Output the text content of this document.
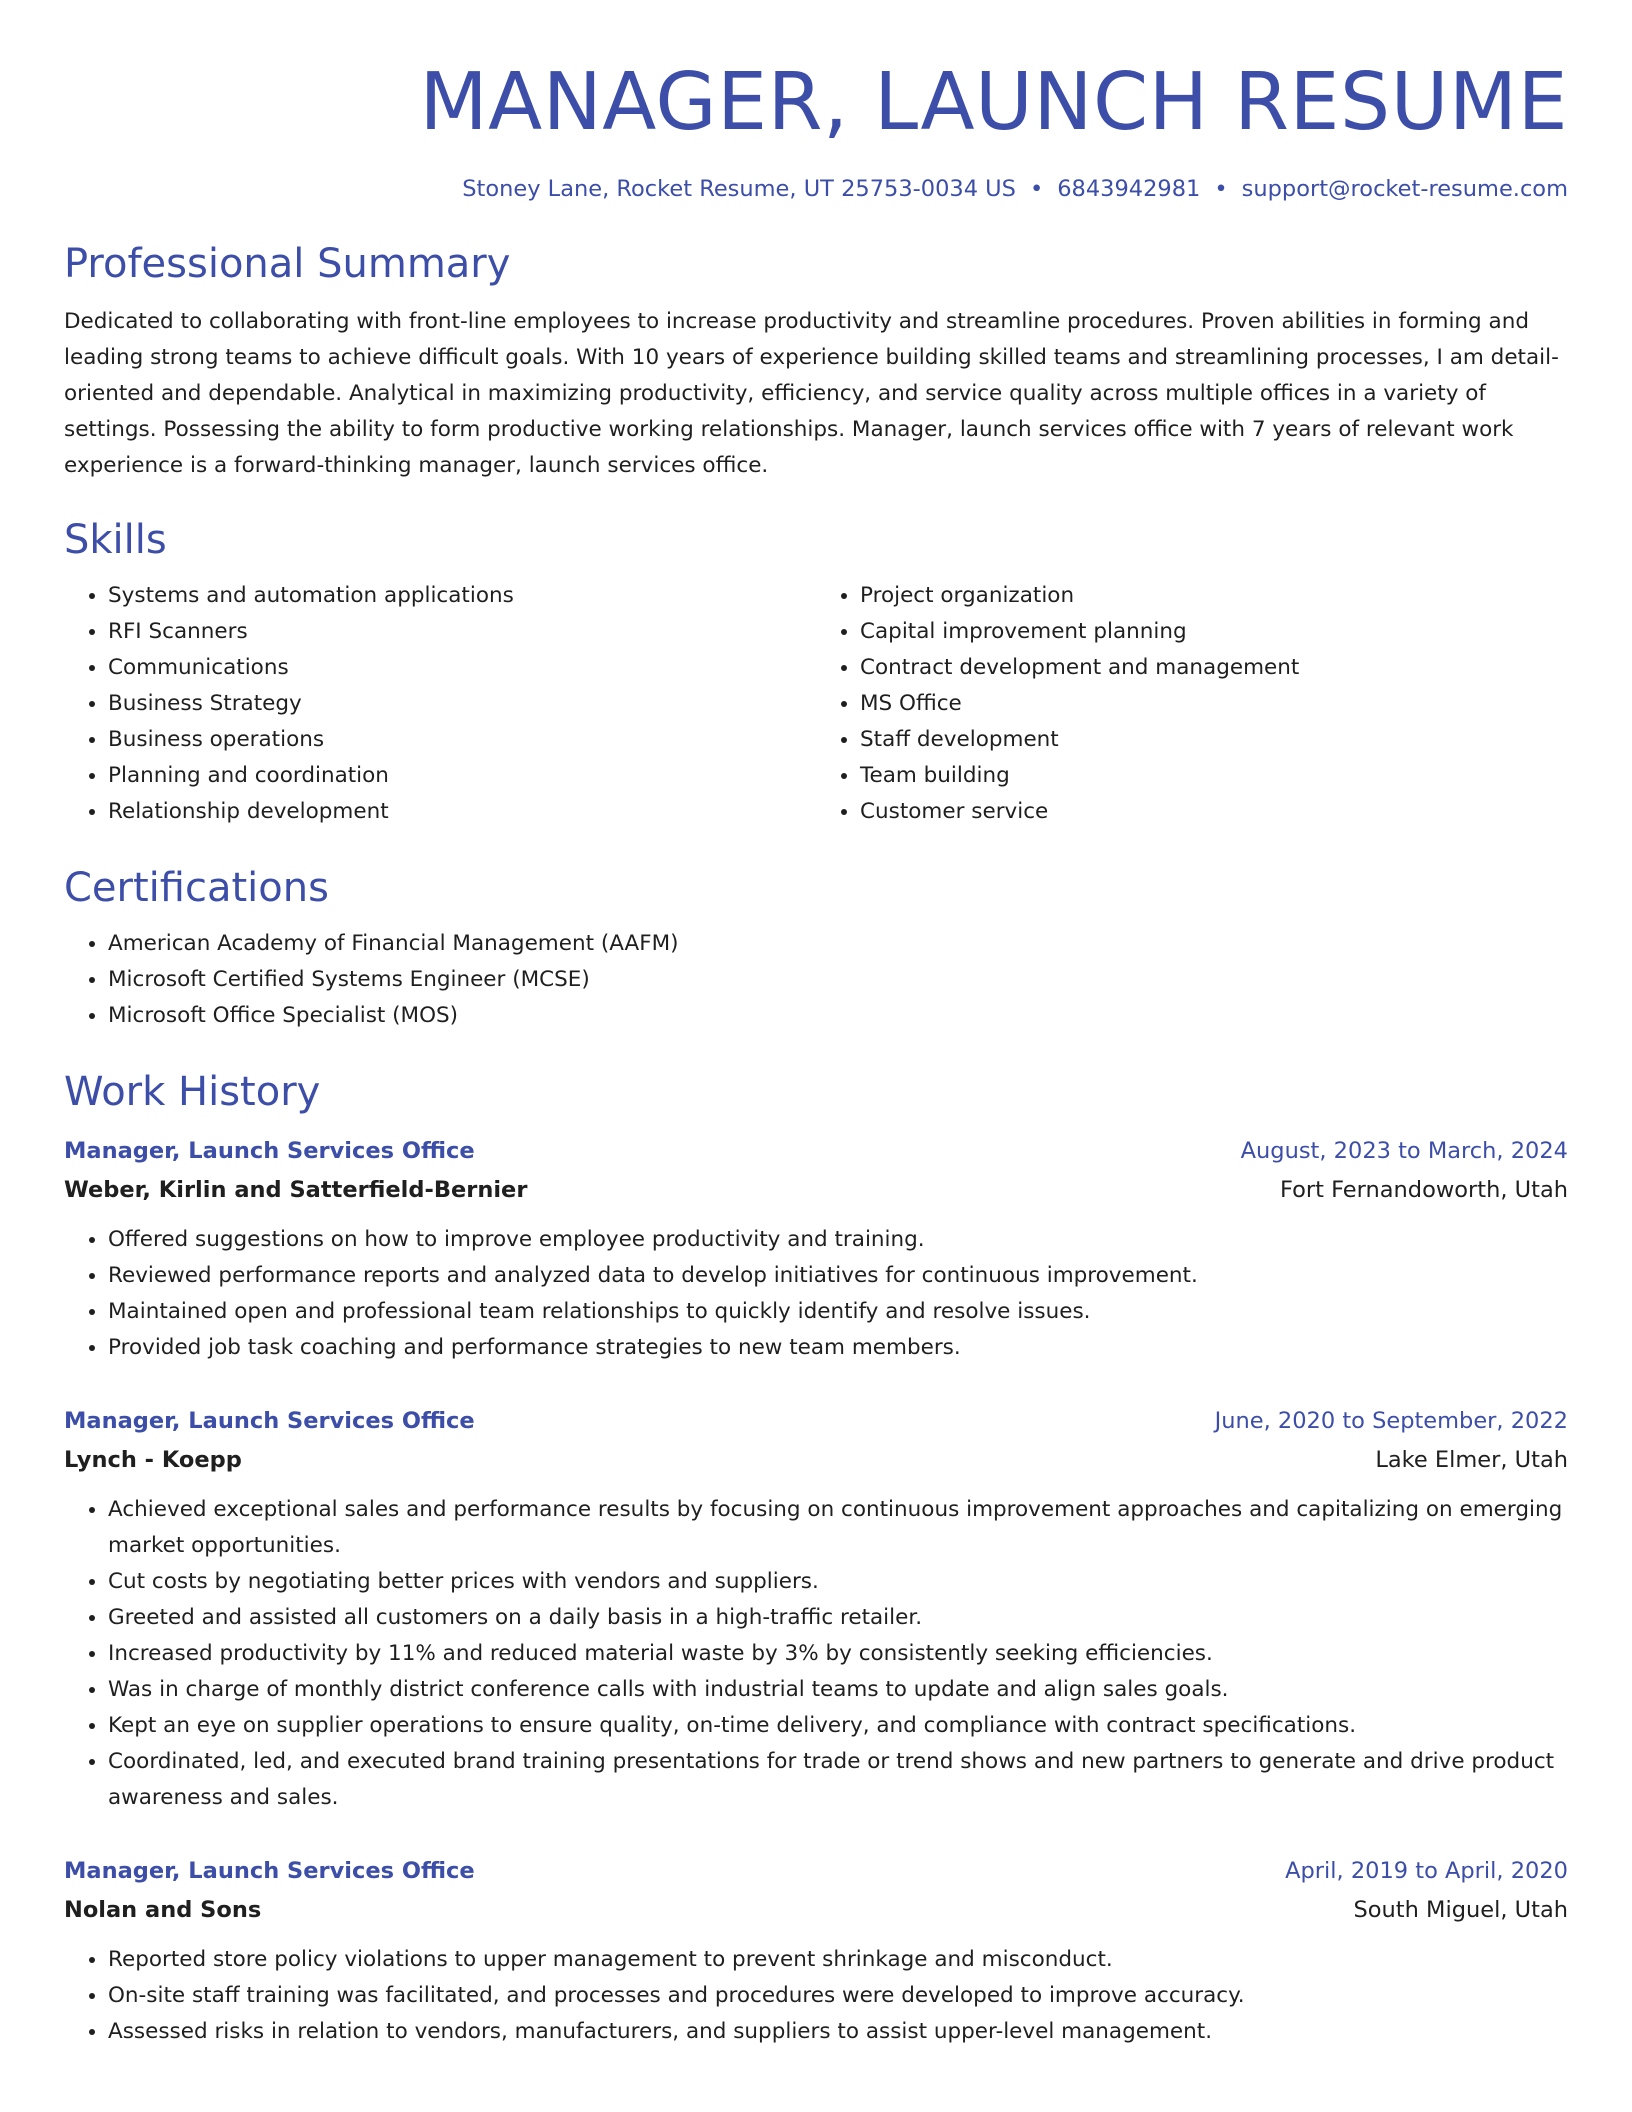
MANAGER, LAUNCH RESUME
Stoney Lane, Rocket Resume, UT 25753-0034 US • 6843942981 • support@rocket-resume.com
Professional Summary

Dedicated to collaborating with front-line employees to increase productivity and streamline procedures. Proven abilities in forming and leading strong teams to achieve difficult goals. With 10 years of experience building skilled teams and streamlining processes, I am detail-oriented and dependable. Analytical in maximizing productivity, efficiency, and service quality across multiple offices in a variety of settings. Possessing the ability to form productive working relationships. Manager, launch services office with 7 years of relevant work experience is a forward-thinking manager, launch services office.

Skills
• Systems and automation applications
• RFI Scanners
• Communications
• Business Strategy
• Business operations
• Planning and coordination
• Relationship development
• Project organization
• Capital improvement planning
• Contract development and management
• MS Office
• Staff development
• Team building
• Customer service
Certifications
• American Academy of Financial Management (AAFM)
• Microsoft Certified Systems Engineer (MCSE)
• Microsoft Office Specialist (MOS)
Work History
Manager, Launch Services Office	August, 2023 to March, 2024
Weber, Kirlin and Satterfield-Bernier	Fort Fernandoworth, Utah
• Offered suggestions on how to improve employee productivity and training.
• Reviewed performance reports and analyzed data to develop initiatives for continuous improvement.
• Maintained open and professional team relationships to quickly identify and resolve issues.
• Provided job task coaching and performance strategies to new team members.
Manager, Launch Services Office	June, 2020 to September, 2022
Lynch - Koepp	Lake Elmer, Utah
• Achieved exceptional sales and performance results by focusing on continuous improvement approaches and capitalizing on emerging market opportunities.
• Cut costs by negotiating better prices with vendors and suppliers.
• Greeted and assisted all customers on a daily basis in a high-traffic retailer.
• Increased productivity by 11% and reduced material waste by 3% by consistently seeking efficiencies.
• Was in charge of monthly district conference calls with industrial teams to update and align sales goals.
• Kept an eye on supplier operations to ensure quality, on-time delivery, and compliance with contract specifications.
• Coordinated, led, and executed brand training presentations for trade or trend shows and new partners to generate and drive product awareness and sales.
Manager, Launch Services Office	April, 2019 to April, 2020
Nolan and Sons	South Miguel, Utah
• Reported store policy violations to upper management to prevent shrinkage and misconduct.
• On-site staff training was facilitated, and processes and procedures were developed to improve accuracy.
• Assessed risks in relation to vendors, manufacturers, and suppliers to assist upper-level management.
